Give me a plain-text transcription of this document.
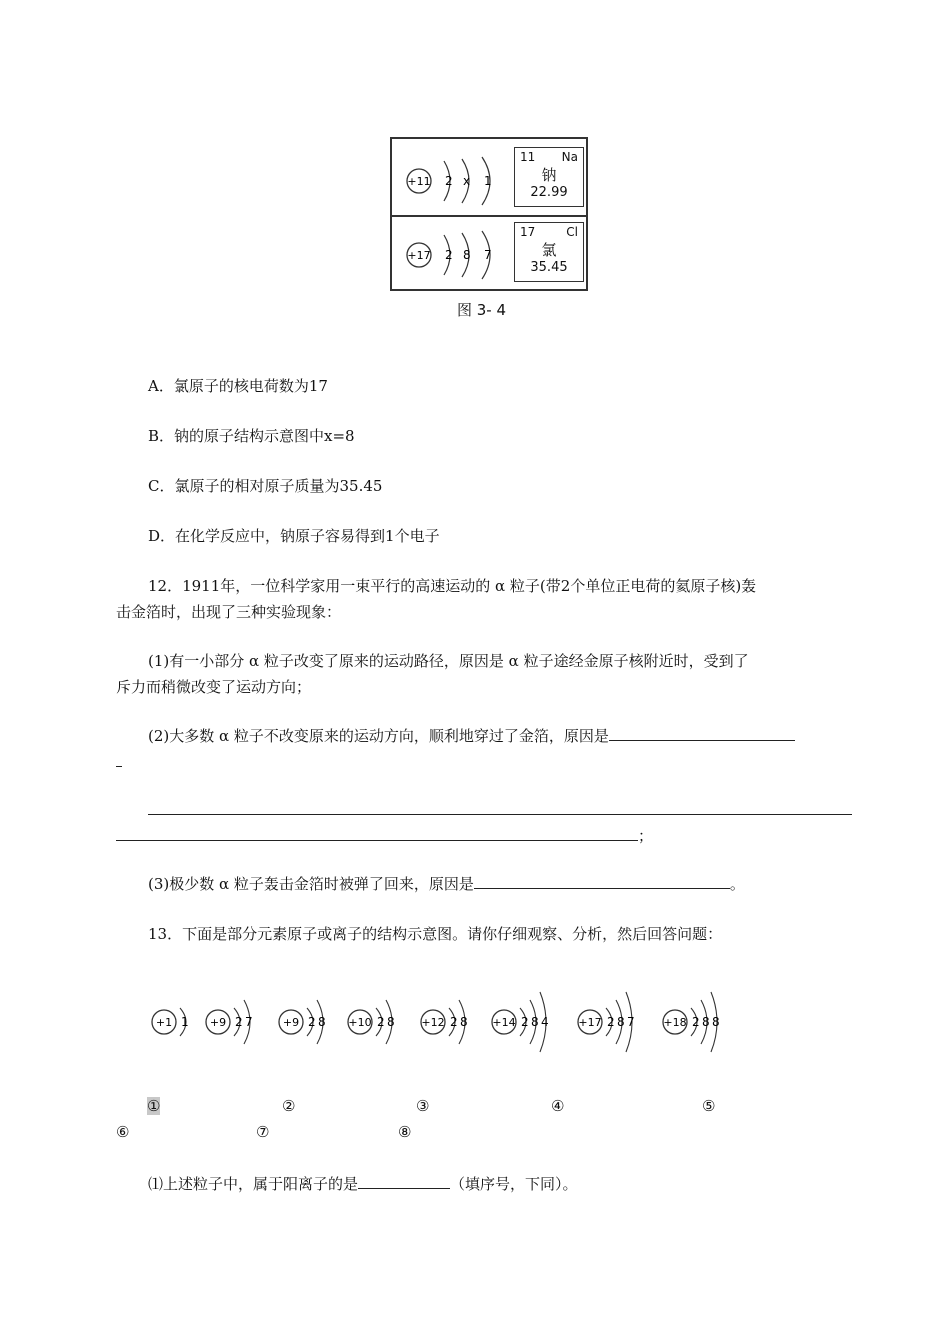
+11 2 x 1
11 Na
钠
22.99
+17 2 8 7
17	Cl
氯
35.45
图 3- 4
A．氯原子的核电荷数为17
B．钠的原子结构示意图中x=8
C．氯原子的相对原子质量为35.45
D．在化学反应中，钠原子容易得到1个电子
12．1911年，一位科学家用一束平行的高速运动的 α 粒子(带2个单位正电荷的氦原子核)轰
击金箔时，出现了三种实验现象：
(1)有一小部分 α 粒子改变了原来的运动路径，原因是 α 粒子途经金原子核附近时，受到了
斥力而稍微改变了运动方向；
(2)大多数 α 粒子不改变原来的运动方向，顺利地穿过了金箔，原因是
；
(3)极少数 α 粒子轰击金箔时被弹了回来，原因是	。
13．下面是部分元素原子或离子的结构示意图。请你仔细观察、分析，然后回答问题：
+1 1 +9 2 7	+9 2 8 +10 2 8 +12 2 8 +14 2 8 4	+17 2 8 7	+18 2 8 8
①	②	③	④	⑤
⑥	⑦	⑧
⑴上述粒子中，属于阳离子的是	（填序号，下同）。
